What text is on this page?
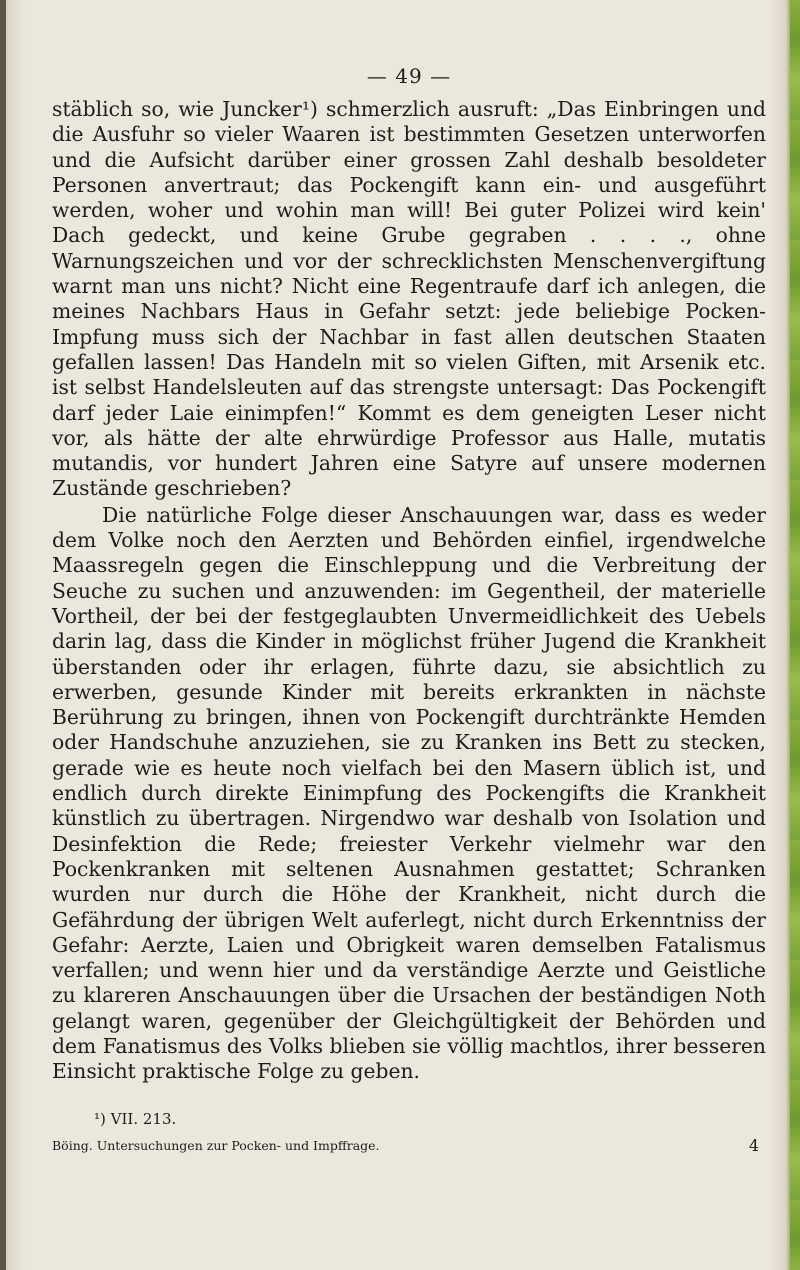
— 49 —

stäblich so, wie Juncker¹) schmerzlich ausruft: „Das Einbringen und die Ausfuhr so vieler Waaren ist bestimmten Gesetzen unterworfen und die Aufsicht darüber einer grossen Zahl deshalb besoldeter Personen anvertraut; das Pockengift kann ein- und ausgeführt werden, woher und wohin man will! Bei guter Polizei wird kein' Dach gedeckt, und keine Grube gegraben . . . ., ohne Warnungszeichen und vor der schrecklichsten Menschenvergiftung warnt man uns nicht? Nicht eine Regentraufe darf ich anlegen, die meines Nachbars Haus in Gefahr setzt: jede beliebige Pocken-Impfung muss sich der Nachbar in fast allen deutschen Staaten gefallen lassen! Das Handeln mit so vielen Giften, mit Arsenik etc. ist selbst Handelsleuten auf das strengste untersagt: Das Pockengift darf jeder Laie einimpfen!“ Kommt es dem geneigten Leser nicht vor, als hätte der alte ehrwürdige Professor aus Halle, mutatis mutandis, vor hundert Jahren eine Satyre auf unsere modernen Zustände geschrieben?

Die natürliche Folge dieser Anschauungen war, dass es weder dem Volke noch den Aerzten und Behörden einfiel, irgendwelche Maassregeln gegen die Einschleppung und die Verbreitung der Seuche zu suchen und anzuwenden: im Gegentheil, der materielle Vortheil, der bei der festgeglaubten Unvermeidlichkeit des Uebels darin lag, dass die Kinder in möglichst früher Jugend die Krankheit überstanden oder ihr erlagen, führte dazu, sie absichtlich zu erwerben, gesunde Kinder mit bereits erkrankten in nächste Berührung zu bringen, ihnen von Pockengift durchtränkte Hemden oder Handschuhe anzuziehen, sie zu Kranken ins Bett zu stecken, gerade wie es heute noch vielfach bei den Masern üblich ist, und endlich durch direkte Einimpfung des Pockengifts die Krankheit künstlich zu übertragen. Nirgendwo war deshalb von Isolation und Desinfektion die Rede; freiester Verkehr vielmehr war den Pockenkranken mit seltenen Ausnahmen gestattet; Schranken wurden nur durch die Höhe der Krankheit, nicht durch die Gefährdung der übrigen Welt auferlegt, nicht durch Erkenntniss der Gefahr: Aerzte, Laien und Obrigkeit waren demselben Fatalismus verfallen; und wenn hier und da verständige Aerzte und Geistliche zu klareren Anschauungen über die Ursachen der beständigen Noth gelangt waren, gegenüber der Gleichgültigkeit der Behörden und dem Fanatismus des Volks blieben sie völlig machtlos, ihrer besseren Einsicht praktische Folge zu geben.

¹) VII. 213.
Böing. Untersuchungen zur Pocken- und Impffrage.	4
